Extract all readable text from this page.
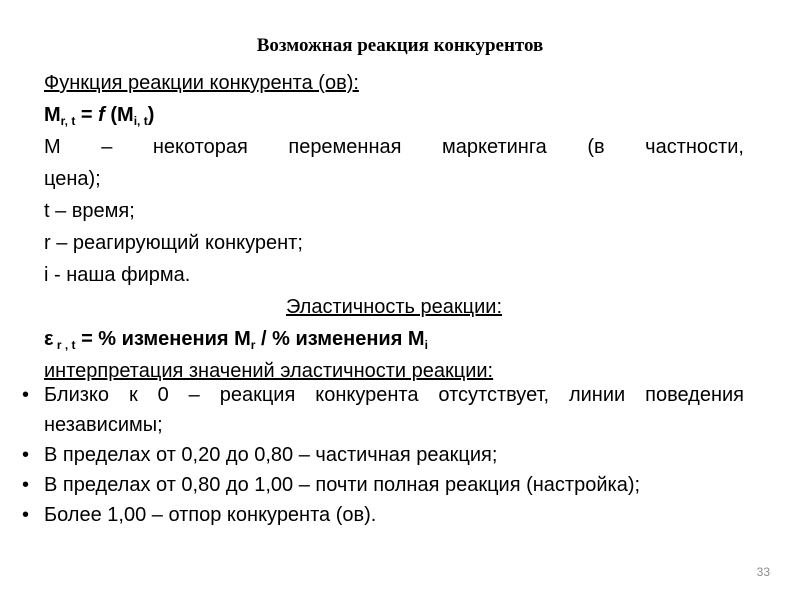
Возможная реакция конкурентов
Функция реакции конкурента (ов):
$M_{r, t} = f$ $(M_{i, t})$
M – некоторая переменная маркетинга (в частности,
цена);
t – время;
r – реагирующий конкурент;
i - наша фирма.
Эластичность реакции:
ε $_{r , t}$ = % изменения $M_r$ / % изменения $M_i$
интерпретация значений эластичности реакции:
• Близко к 0 – реакция конкурента отсутствует, линии поведения независимы;
• В пределах от 0,20 до 0,80 – частичная реакция;
• В пределах от 0,80 до 1,00 – почти полная реакция (настройка);
• Более 1,00 – отпор конкурента (ов).
33
